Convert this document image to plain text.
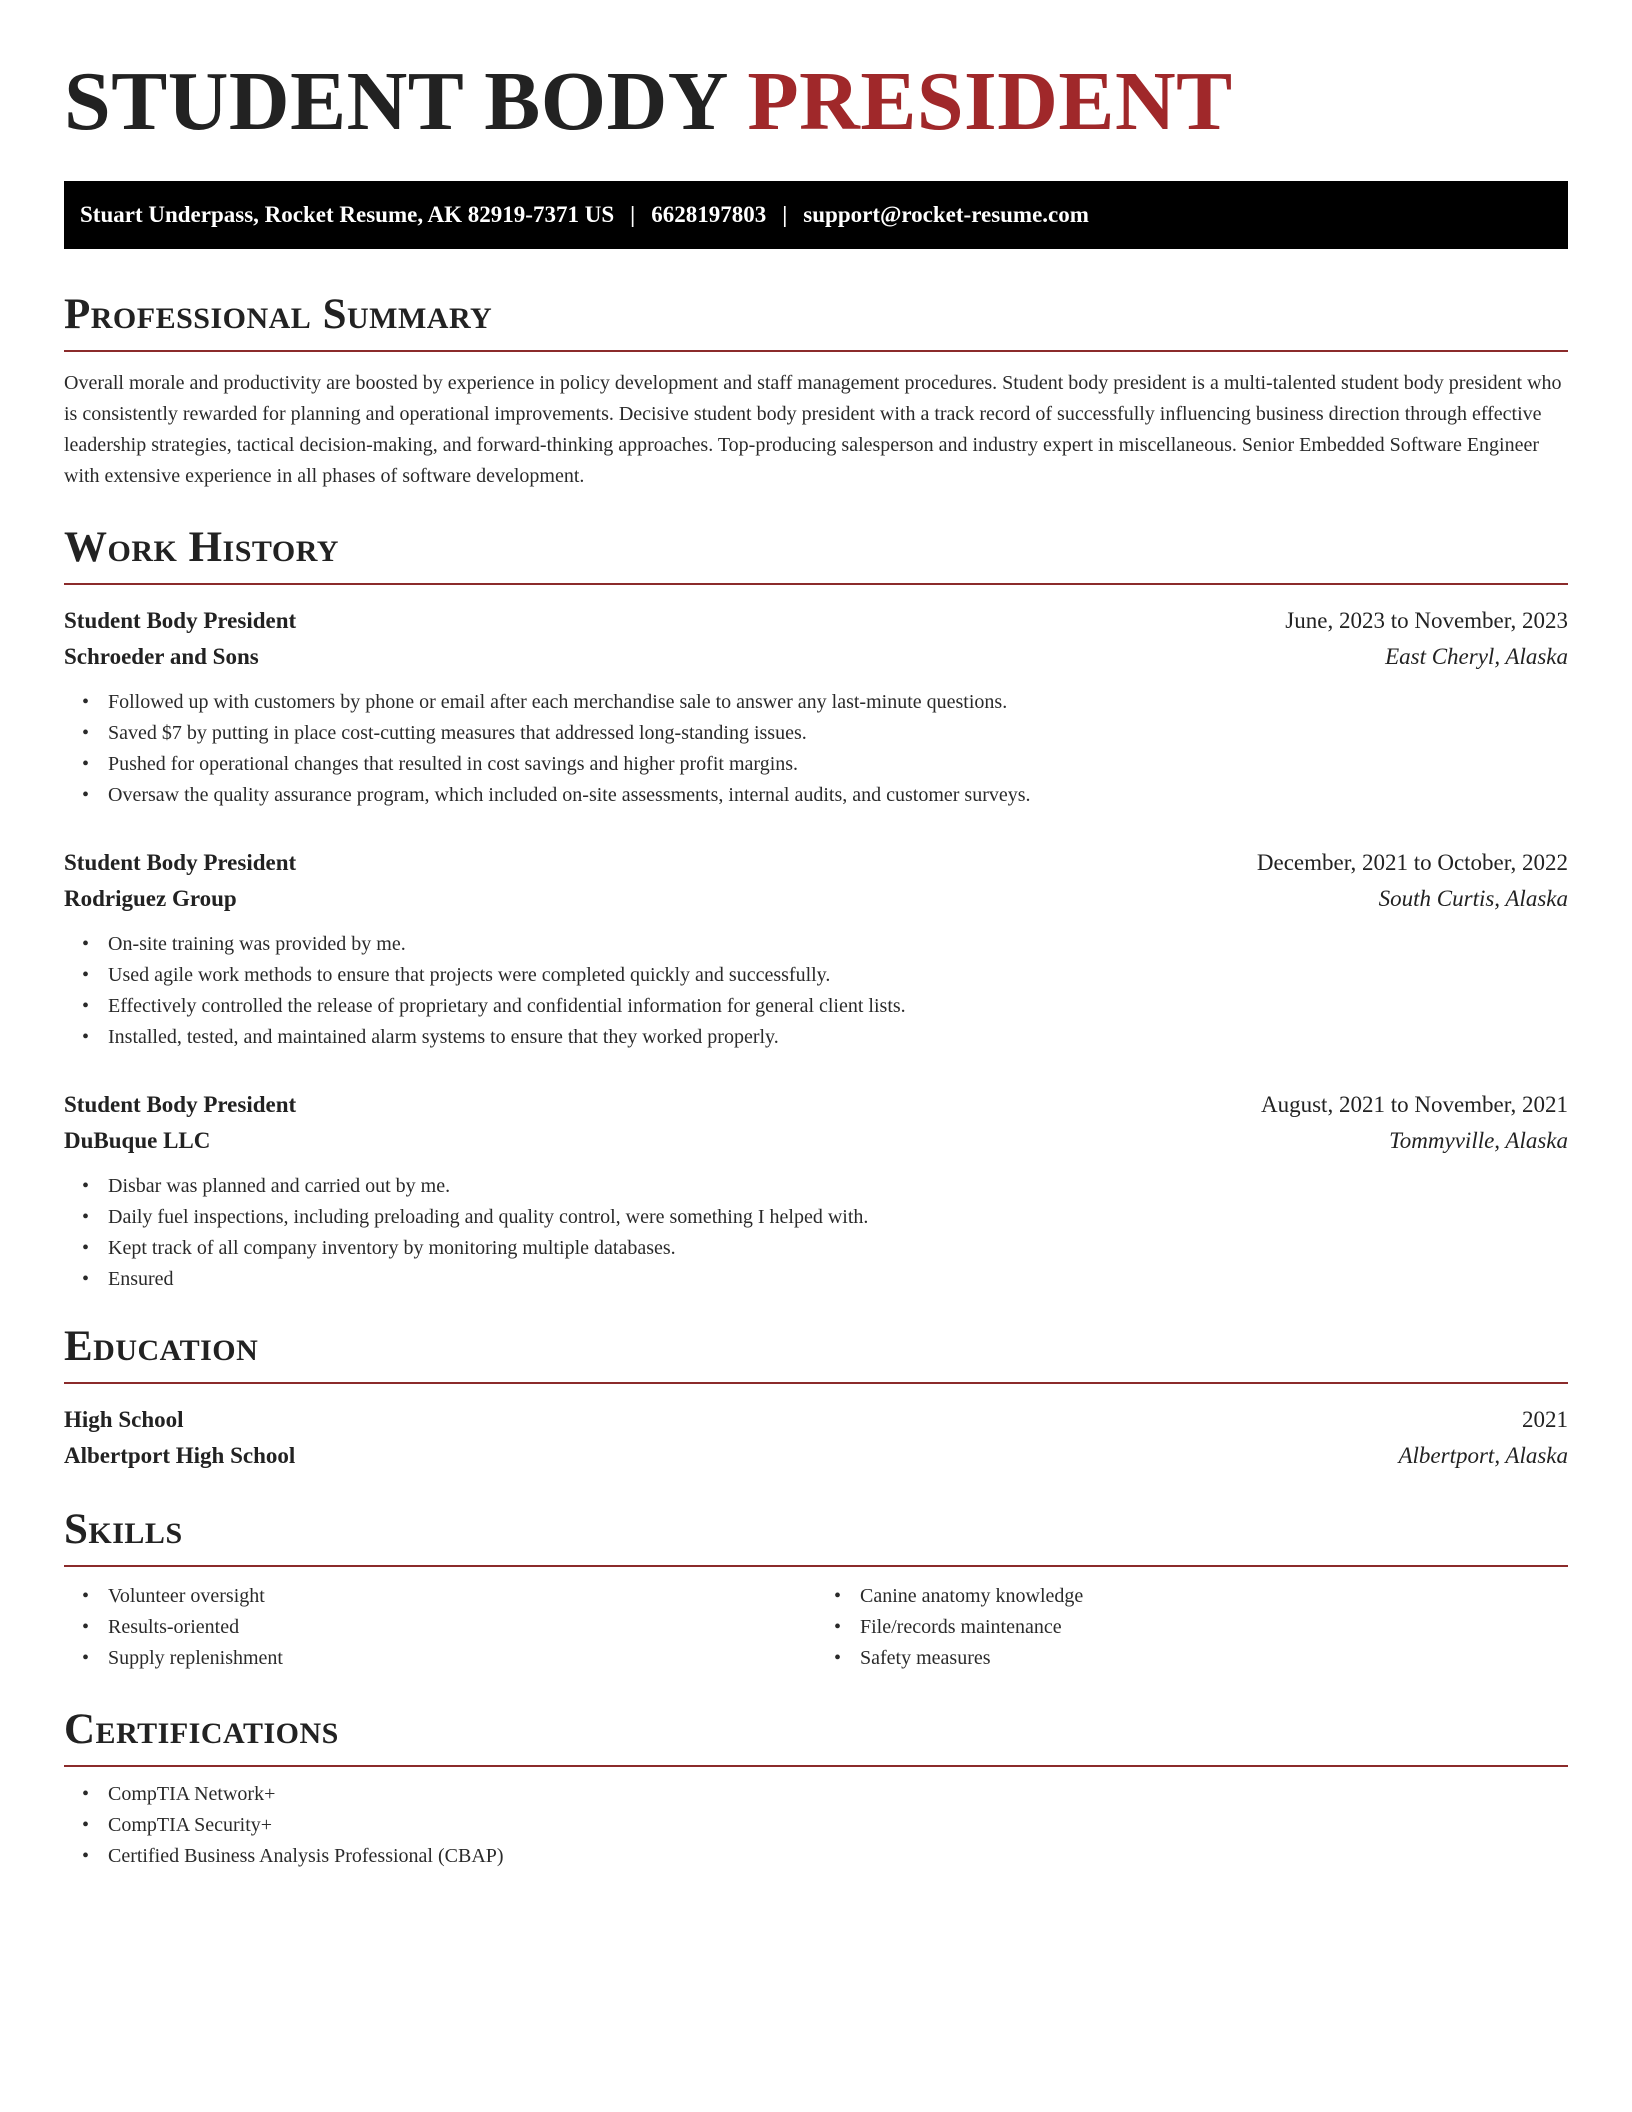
STUDENT BODY PRESIDENT
Stuart Underpass, Rocket Resume, AK 82919-7371 US | 6628197803 | support@rocket-resume.com
Professional Summary

Overall morale and productivity are boosted by experience in policy development and staff management procedures. Student body president is a multi-talented student body president who is consistently rewarded for planning and operational improvements. Decisive student body president with a track record of successfully influencing business direction through effective leadership strategies, tactical decision-making, and forward-thinking approaches. Top-producing salesperson and industry expert in miscellaneous. Senior Embedded Software Engineer with extensive experience in all phases of software development.

Work History
Student Body President	June, 2023 to November, 2023
Schroeder and Sons	East Cheryl, Alaska
• Followed up with customers by phone or email after each merchandise sale to answer any last-minute questions.
• Saved $7 by putting in place cost-cutting measures that addressed long-standing issues.
• Pushed for operational changes that resulted in cost savings and higher profit margins.
• Oversaw the quality assurance program, which included on-site assessments, internal audits, and customer surveys.
Student Body President	December, 2021 to October, 2022
Rodriguez Group	South Curtis, Alaska
• On-site training was provided by me.
• Used agile work methods to ensure that projects were completed quickly and successfully.
• Effectively controlled the release of proprietary and confidential information for general client lists.
• Installed, tested, and maintained alarm systems to ensure that they worked properly.
Student Body President	August, 2021 to November, 2021
DuBuque LLC	Tommyville, Alaska
• Disbar was planned and carried out by me.
• Daily fuel inspections, including preloading and quality control, were something I helped with.
• Kept track of all company inventory by monitoring multiple databases.
• Ensured
Education
High School	2021
Albertport High School	Albertport, Alaska
Skills
• Volunteer oversight
• Results-oriented
• Supply replenishment
• Canine anatomy knowledge
• File/records maintenance
• Safety measures
Certifications
• CompTIA Network+
• CompTIA Security+
• Certified Business Analysis Professional (CBAP)
